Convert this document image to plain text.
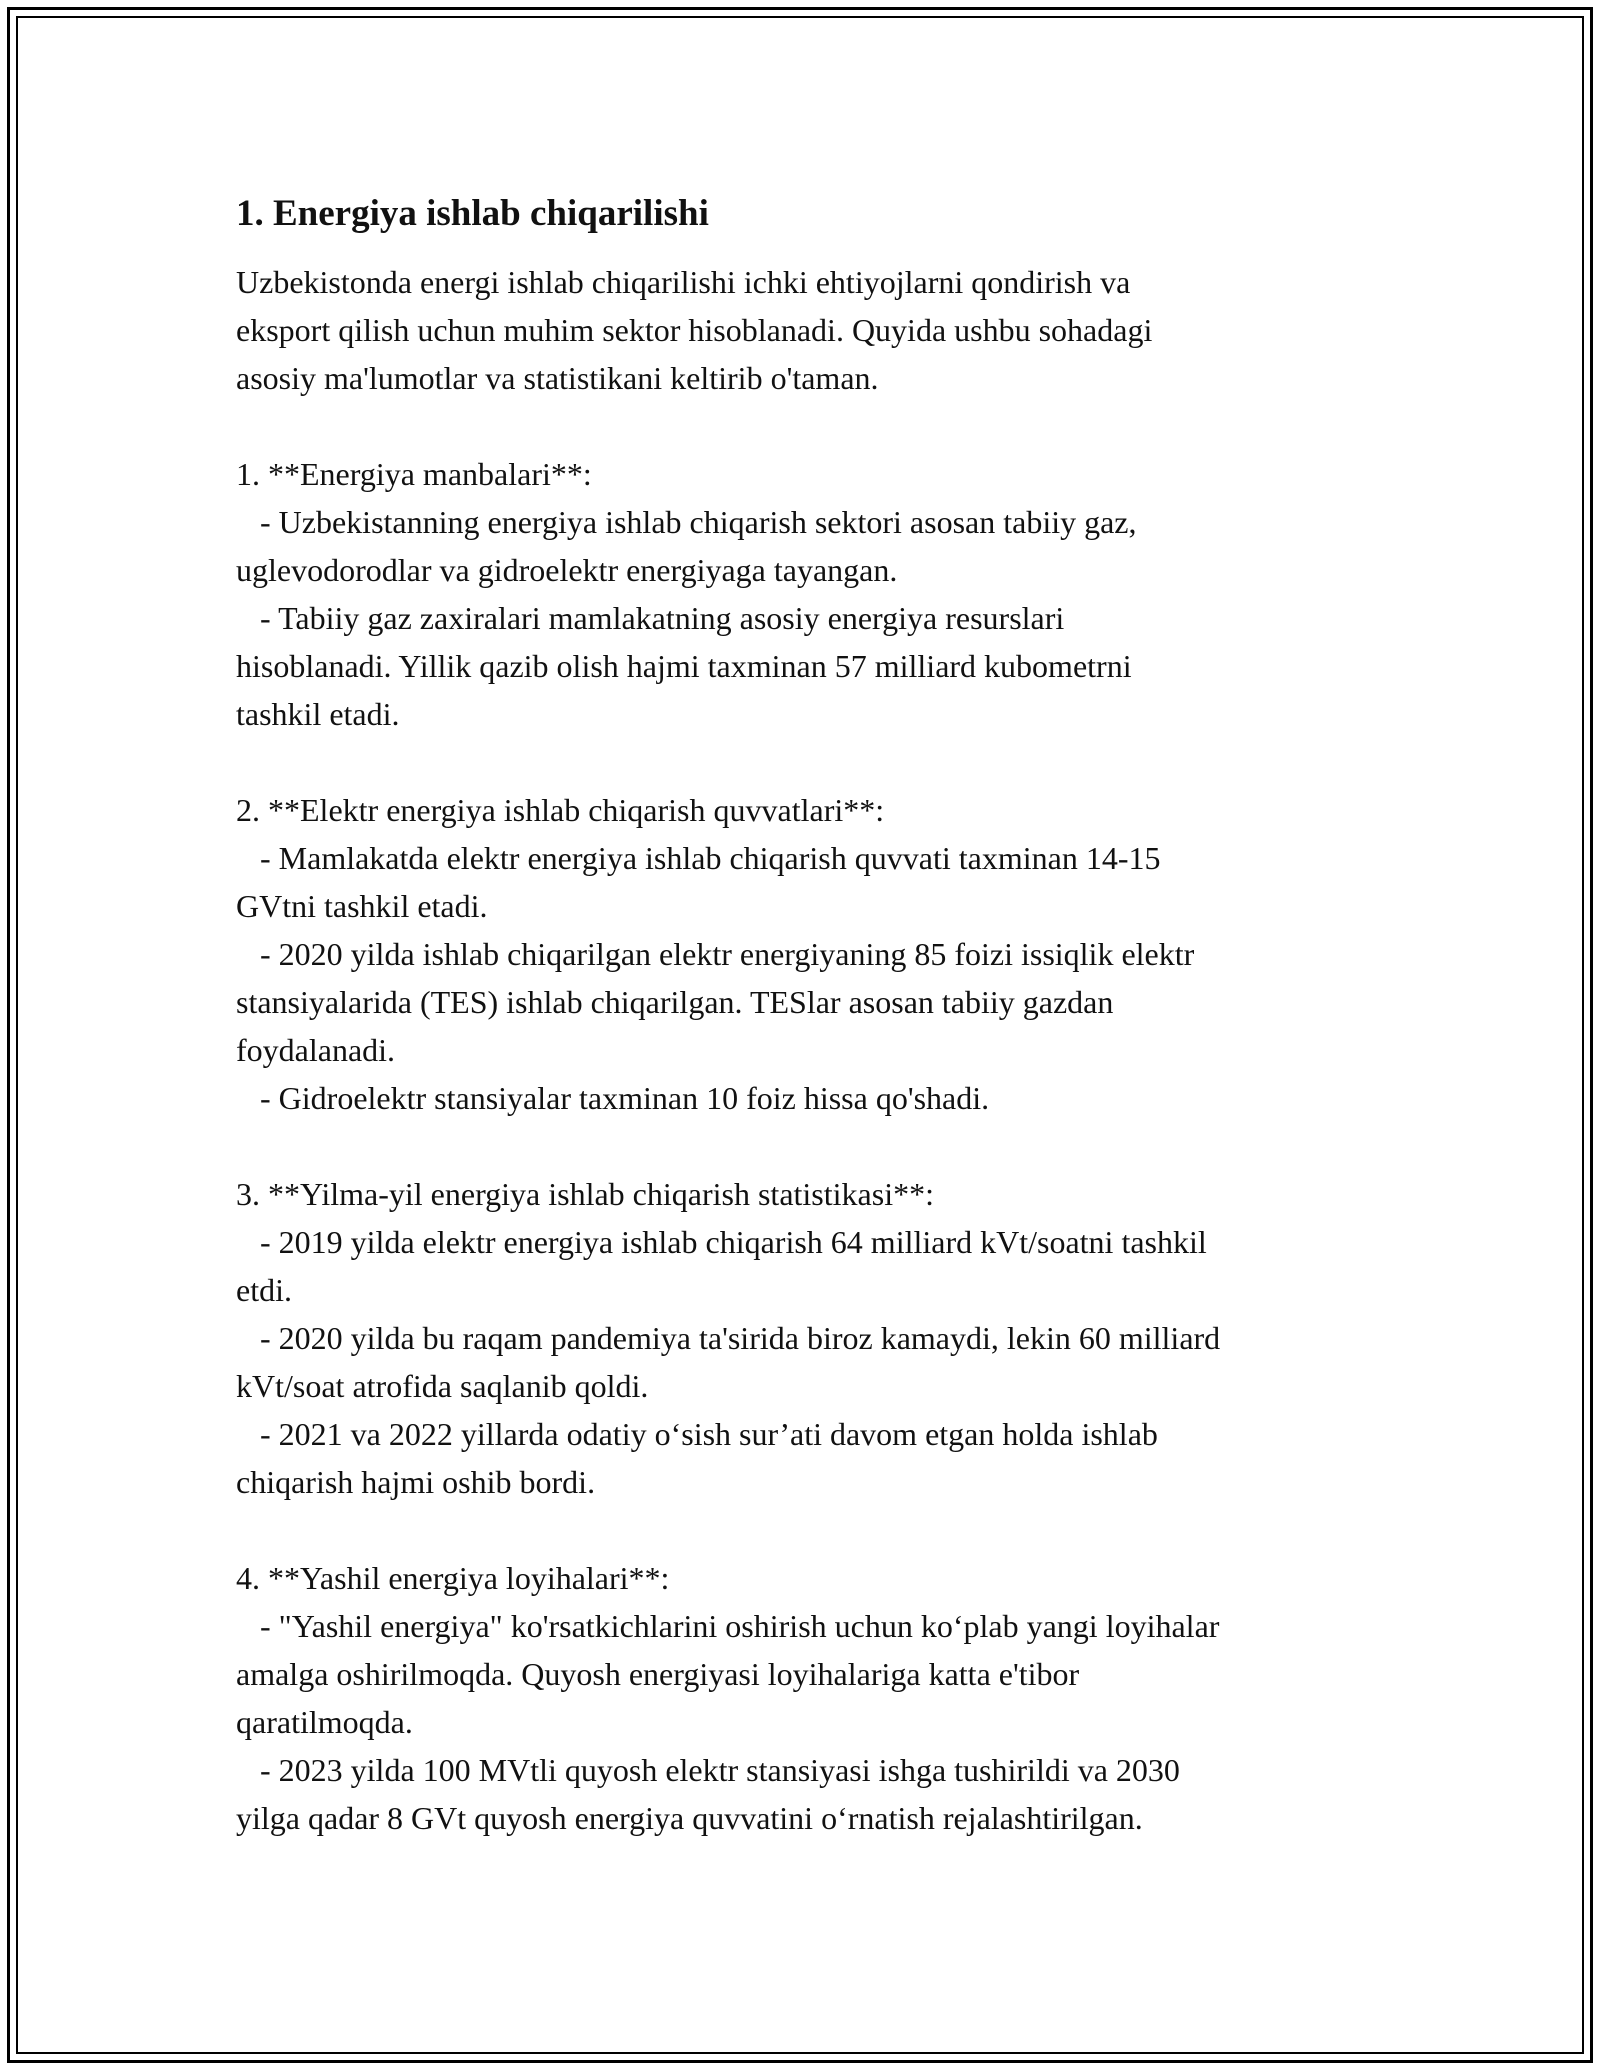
1. Energiya ishlab chiqarilishi
Uzbekistonda energi ishlab chiqarilishi ichki ehtiyojlarni qondirish va
eksport qilish uchun muhim sektor hisoblanadi. Quyida ushbu sohadagi
asosiy ma'lumotlar va statistikani keltirib o'taman.
1. **Energiya manbalari**:
- Uzbekistanning energiya ishlab chiqarish sektori asosan tabiiy gaz,
uglevodorodlar va gidroelektr energiyaga tayangan.
- Tabiiy gaz zaxiralari mamlakatning asosiy energiya resurslari
hisoblanadi. Yillik qazib olish hajmi taxminan 57 milliard kubometrni
tashkil etadi.
2. **Elektr energiya ishlab chiqarish quvvatlari**:
- Mamlakatda elektr energiya ishlab chiqarish quvvati taxminan 14-15
GVtni tashkil etadi.
- 2020 yilda ishlab chiqarilgan elektr energiyaning 85 foizi issiqlik elektr
stansiyalarida (TES) ishlab chiqarilgan. TESlar asosan tabiiy gazdan
foydalanadi.
- Gidroelektr stansiyalar taxminan 10 foiz hissa qo'shadi.
3. **Yilma-yil energiya ishlab chiqarish statistikasi**:
- 2019 yilda elektr energiya ishlab chiqarish 64 milliard kVt/soatni tashkil
etdi.
- 2020 yilda bu raqam pandemiya ta'sirida biroz kamaydi, lekin 60 milliard
kVt/soat atrofida saqlanib qoldi.
- 2021 va 2022 yillarda odatiy o‘sish sur’ati davom etgan holda ishlab
chiqarish hajmi oshib bordi.
4. **Yashil energiya loyihalari**:
- "Yashil energiya" ko'rsatkichlarini oshirish uchun ko‘plab yangi loyihalar
amalga oshirilmoqda. Quyosh energiyasi loyihalariga katta e'tibor
qaratilmoqda.
- 2023 yilda 100 MVtli quyosh elektr stansiyasi ishga tushirildi va 2030
yilga qadar 8 GVt quyosh energiya quvvatini o‘rnatish rejalashtirilgan.
